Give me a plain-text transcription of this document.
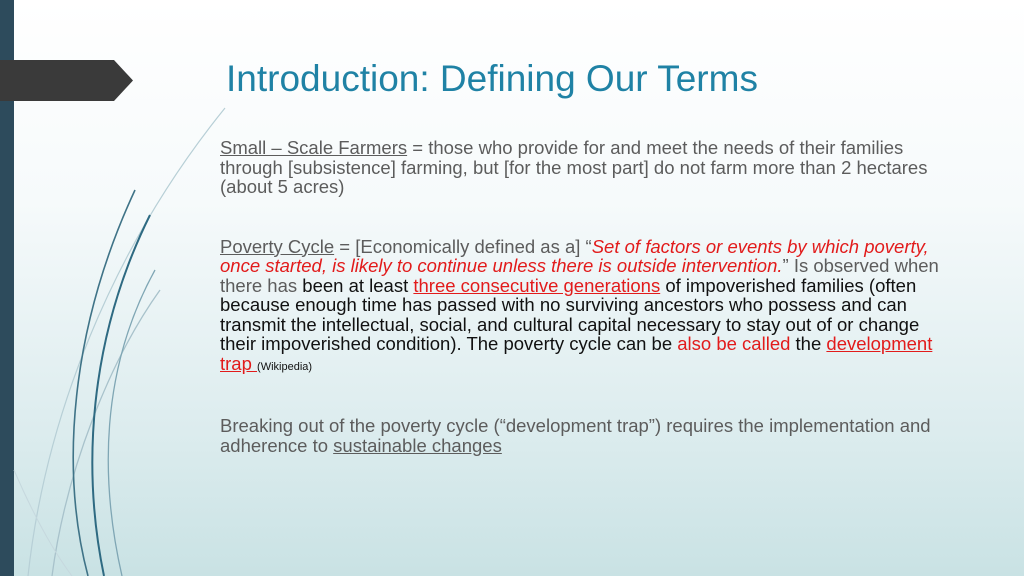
Introduction: Defining Our Terms

Small – Scale Farmers = those who provide for and meet the needs of their families through [subsistence] farming, but [for the most part] do not farm more than 2 hectares (about 5 acres)

Poverty Cycle = [Economically defined as a] “Set of factors or events by which poverty, once started, is likely to continue unless there is outside intervention.” Is observed when there has been at least three consecutive generations of impoverished families (often because enough time has passed with no surviving ancestors who possess and can transmit the intellectual, social, and cultural capital necessary to stay out of or change their impoverished condition). The poverty cycle can be also be called the development trap (Wikipedia)

Breaking out of the poverty cycle (“development trap”) requires the implementation and adherence to sustainable changes
